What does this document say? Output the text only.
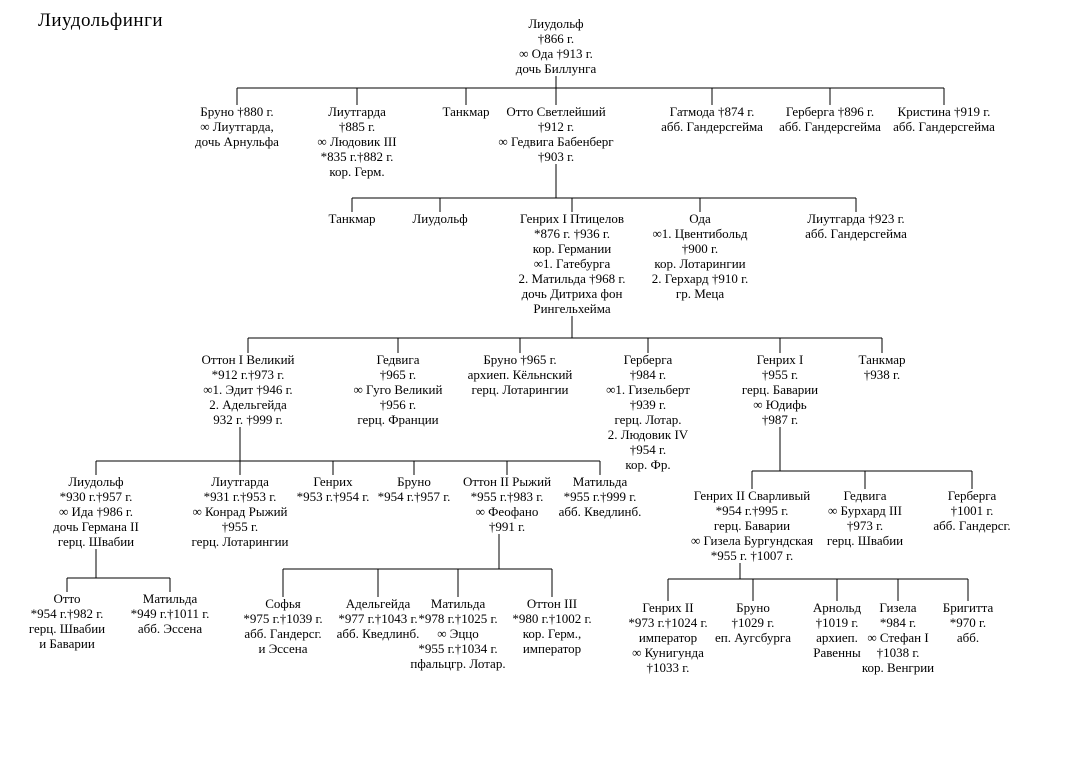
Лиудольфинги	Лиудольф
†866 г.
∞ Ода †913 г.
дочь Биллунга
Бруно †880 г.
∞ Лиутгарда,
дочь Арнульфа
Лиутгарда
†885 г.
∞ Людовик III
*835 г.†882 г.
кор. Герм.
Танкмар	Отто Светлейший
†912 г.
∞ Гедвига Бабенберг
†903 г.
Гатмода †874 г.
абб. Гандерсгейма
Герберга †896 г.
абб. Гандерсгейма
Кристина †919 г.
абб. Гандерсгейма
Танкмар	Лиудольф	Генрих I Птицелов
*876 г. †936 г.
кор. Германии
∞1. Гатебурга
2. Матильда †968 г.
дочь Дитриха фон
Рингельхейма
Ода
∞1. Цвентибольд
†900 г.
кор. Лотарингии
2. Герхард †910 г.
гр. Меца
Лиутгарда †923 г.
абб. Гандерсгейма
Оттон I Великий
*912 г.†973 г.
∞1. Эдит †946 г.
2. Адельгейда
932 г. †999 г.
Гедвига
†965 г.
∞ Гуго Великий
†956 г.
герц. Франции
Бруно †965 г.
архиеп. Кёльнский
герц. Лотарингии
Герберга
†984 г.
∞1. Гизельберт
†939 г.
герц. Лотар.
2. Людовик IV
†954 г.
кор. Фр.
Генрих I
†955 г.
герц. Баварии
∞ Юдифь
†987 г.
Танкмар
†938 г.
Лиудольф
*930 г.†957 г.
∞ Ида †986 г.
дочь Германа II
герц. Швабии
Лиутгарда
*931 г.†953 г.
∞ Конрад Рыжий
†955 г.
герц. Лотарингии
Генрих
*953 г.†954 г.
Бруно
*954 г.†957 г.
Оттон II Рыжий
*955 г.†983 г.
∞ Феофано
†991 г.
Матильда
*955 г.†999 г.
абб. Кведлинб.
Генрих II Сварливый
*954 г.†995 г.
герц. Баварии
∞ Гизела Бургундская
*955 г. †1007 г.
Гедвига
∞ Бурхард III
†973 г.
герц. Швабии
Герберга
†1001 г.
абб. Гандерсг.
Отто
*954 г.†982 г.
герц. Швабии
и Баварии
Матильда
*949 г.†1011 г.
абб. Эссена
Софья
*975 г.†1039 г.
абб. Гандерсг.
и Эссена
Адельгейда
*977 г.†1043 г.
абб. Кведлинб.
Матильда
*978 г.†1025 г.
∞ Эццо
*955 г.†1034 г.
пфальцгр. Лотар.
Оттон III
*980 г.†1002 г.
кор. Герм.,
император
Генрих II
*973 г.†1024 г.
император
∞ Кунигунда
†1033 г.
Бруно
†1029 г.
еп. Аугсбурга
Арнольд
†1019 г.
архиеп.
Равенны
Гизела
*984 г.
∞ Стефан I
†1038 г.
кор. Венгрии
Бригитта
*970 г.
абб.
